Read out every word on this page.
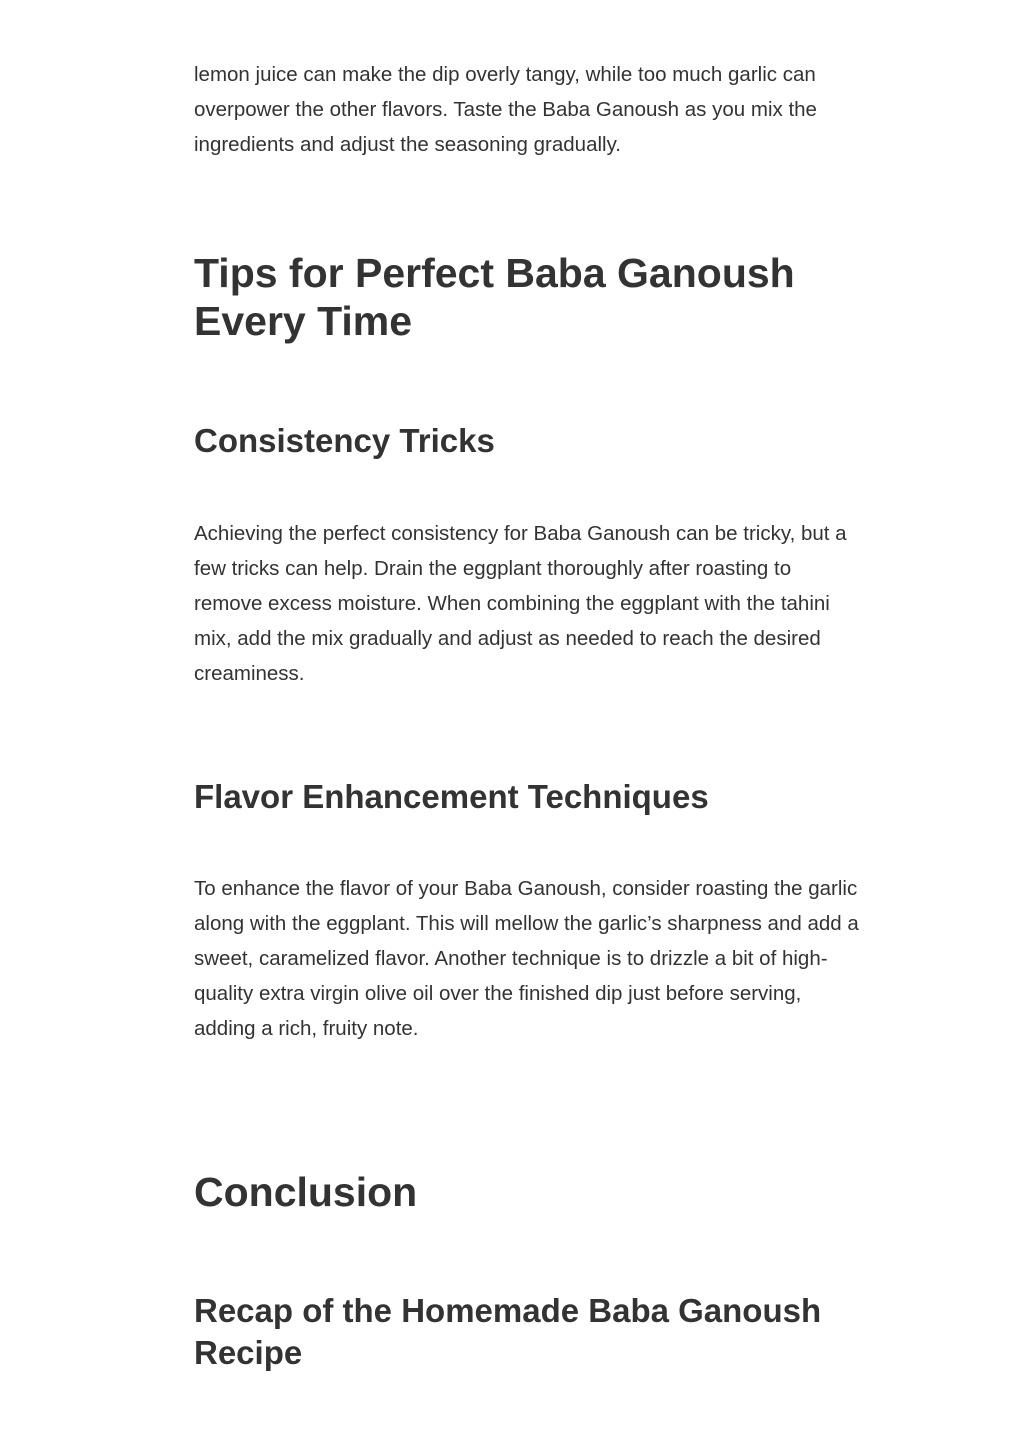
lemon juice can make the dip overly tangy, while too much garlic can overpower the other flavors. Taste the Baba Ganoush as you mix the ingredients and adjust the seasoning gradually.

Tips for Perfect Baba Ganoush Every Time
Consistency Tricks

Achieving the perfect consistency for Baba Ganoush can be tricky, but a few tricks can help. Drain the eggplant thoroughly after roasting to remove excess moisture. When combining the eggplant with the tahini mix, add the mix gradually and adjust as needed to reach the desired creaminess.

Flavor Enhancement Techniques

To enhance the flavor of your Baba Ganoush, consider roasting the garlic along with the eggplant. This will mellow the garlic’s sharpness and add a sweet, caramelized flavor. Another technique is to drizzle a bit of high-quality extra virgin olive oil over the finished dip just before serving, adding a rich, fruity note.

Conclusion
Recap of the Homemade Baba Ganoush Recipe
